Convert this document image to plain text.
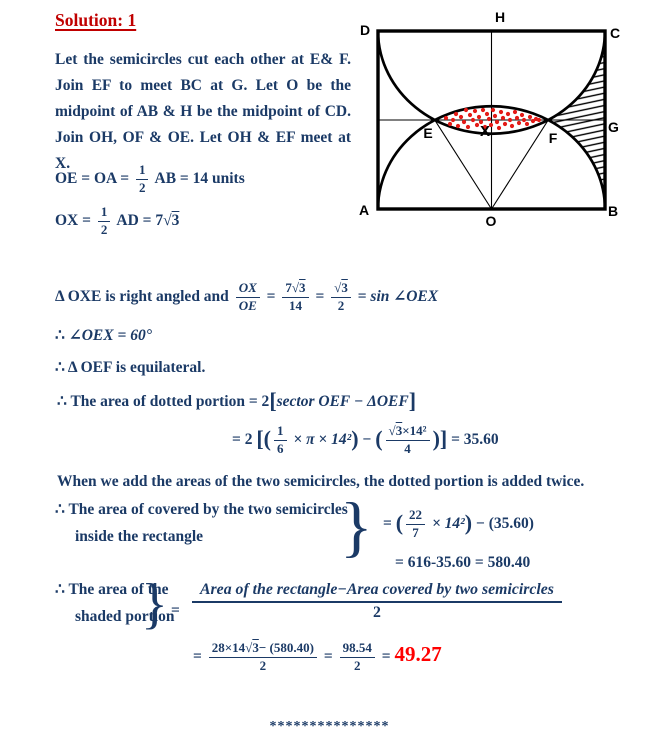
Solution: 1
Let the semicircles cut each other at E& F. Join EF to meet BC at G. Let O be the midpoint of AB & H be the midpoint of CD. Join OH, OF & OE. Let OH & EF meet at X.
OE = OA = $\frac{1}{2}$ AB = 14 units
OX = $\frac{1}{2}$ AD = 7√3
D
H
C
A
O
B
G
E	F
X
Δ OXE is right angled and $\frac{OX}{OE} = \frac{7√3}{14} = \frac{√3}{2} = \sin$ ∠OEX
∴ ∠OEX = 60°
∴ Δ OEF is equilateral.
∴ The area of dotted portion = 2[sector OEF − ΔOEF]
= 2 [( $\frac{1}{6} \times \pi \times 14^2$) − ( $\frac{\text{√3×14²}}{4}$ )] = 35.60
When we add the areas of the two semicircles, the dotted portion is added twice.
∴ The area of covered by the two semicircles
inside the rectangle } = ( $\frac{22}{7} \times 14^2) - (35.60)$
= 616-35.60 = 580.40
∴ The area of the
shaded portion
} = $\frac{\text{Area of the rectangle−Area covered by two semicircles}}{2}$
= $\frac{28\times 14√3- (580.40)}{2} = \frac{98.54}{2} = 49.27$
***************
